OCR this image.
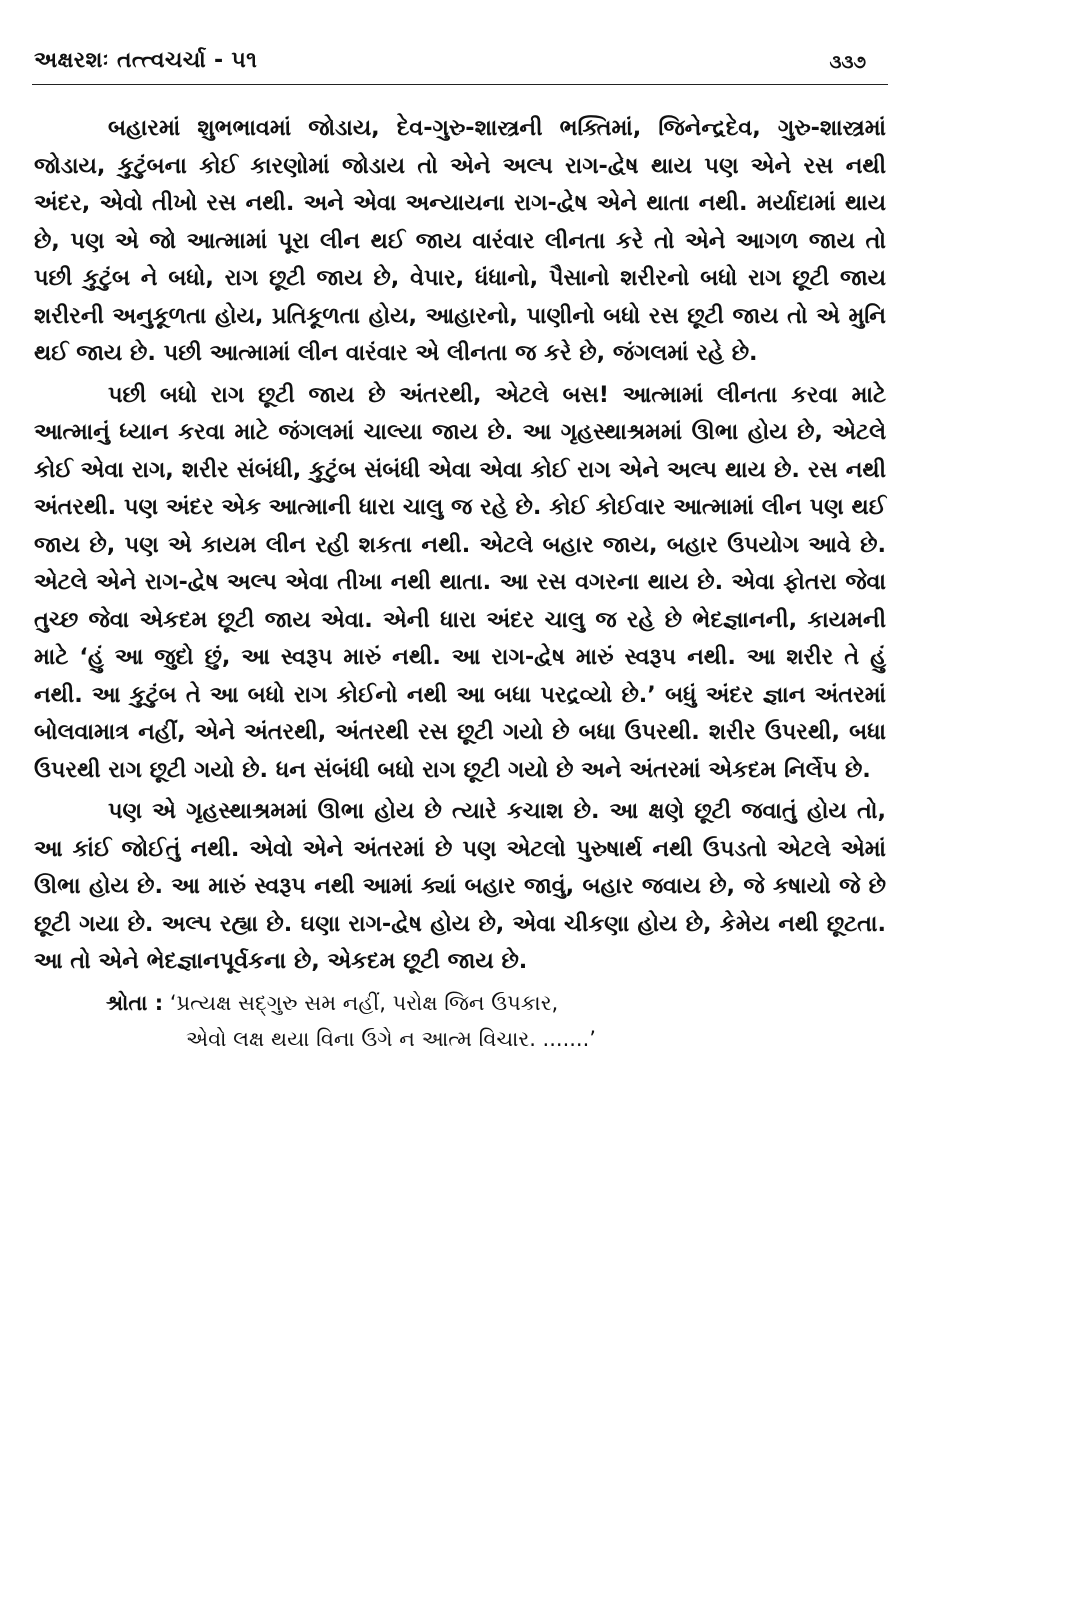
અક્ષરશઃ તત્ત્વચર્ચા - ૫૧	૩૩૭

બહારમાં શુભભાવમાં જોડાય, દેવ-ગુરુ-શાસ્ત્રની ભક્તિમાં, જિનેન્દ્રદેવ, ગુરુ-શાસ્ત્રમાં જોડાય, કુટુંબના કોઈ કારણોમાં જોડાય તો એને અલ્પ રાગ-દ્વેષ થાય પણ એને રસ નથી અંદર, એવો તીખો રસ નથી. અને એવા અન્યાયના રાગ-દ્વેષ એને થાતા નથી. મર્યાદામાં થાય છે, પણ એ જો આત્મામાં પૂરા લીન થઈ જાય વારંવાર લીનતા કરે તો એને આગળ જાય તો પછી કુટુંબ ને બધો, રાગ છૂટી જાય છે, વેપાર, ધંધાનો, પૈસાનો શરીરનો બધો રાગ છૂટી જાય શરીરની અનુકૂળતા હોય, પ્રતિકૂળતા હોય, આહારનો, પાણીનો બધો રસ છૂટી જાય તો એ મુનિ થઈ જાય છે. પછી આત્મામાં લીન વારંવાર એ લીનતા જ કરે છે, જંગલમાં રહે છે.

પછી બધો રાગ છૂટી જાય છે અંતરથી, એટલે બસ! આત્મામાં લીનતા કરવા માટે આત્માનું ધ્યાન કરવા માટે જંગલમાં ચાલ્યા જાય છે. આ ગૃહસ્થાશ્રમમાં ઊભા હોય છે, એટલે કોઈ એવા રાગ, શરીર સંબંધી, કુટુંબ સંબંધી એવા એવા કોઈ રાગ એને અલ્પ થાય છે. રસ નથી અંતરથી. પણ અંદર એક આત્માની ધારા ચાલુ જ રહે છે. કોઈ કોઈવાર આત્મામાં લીન પણ થઈ જાય છે, પણ એ કાયમ લીન રહી શકતા નથી. એટલે બહાર જાય, બહાર ઉપયોગ આવે છે. એટલે એને રાગ-દ્વેષ અલ્પ એવા તીખા નથી થાતા. આ રસ વગરના થાય છે. એવા ફોતરા જેવા તુચ્છ જેવા એકદમ છૂટી જાય એવા. એની ધારા અંદર ચાલુ જ રહે છે ભેદજ્ઞાનની, કાયમની માટે ‘હું આ જુદો છું, આ સ્વરૂપ મારું નથી. આ રાગ-દ્વેષ મારું સ્વરૂપ નથી. આ શરીર તે હું નથી. આ કુટુંબ તે આ બધો રાગ કોઈનો નથી આ બધા પરદ્રવ્યો છે.’ બધું અંદર જ્ઞાન અંતરમાં બોલવામાત્ર નહીં, એને અંતરથી, અંતરથી રસ છૂટી ગયો છે બધા ઉપરથી. શરીર ઉપરથી, બધા ઉપરથી રાગ છૂટી ગયો છે. ધન સંબંધી બધો રાગ છૂટી ગયો છે અને અંતરમાં એકદમ નિર્લેપ છે.

પણ એ ગૃહસ્થાશ્રમમાં ઊભા હોય છે ત્યારે કચાશ છે. આ ક્ષણે છૂટી જવાતું હોય તો, આ કાંઈ જોઈતું નથી. એવો એને અંતરમાં છે પણ એટલો પુરુષાર્થ નથી ઉપડતો એટલે એમાં ઊભા હોય છે. આ મારું સ્વરૂપ નથી આમાં ક્યાં બહાર જાવું, બહાર જવાય છે, જે કષાયો જે છે છૂટી ગયા છે. અલ્પ રહ્યા છે. ઘણા રાગ-દ્વેષ હોય છે, એવા ચીકણા હોય છે, કેમેય નથી છૂટતા. આ તો એને ભેદજ્ઞાનપૂર્વકના છે, એકદમ છૂટી જાય છે.

શ્રોતા : ‘પ્રત્યક્ષ સદ્‌ગુરુ સમ નહીં, પરોક્ષ જિન ઉપકાર,
એવો લક્ષ થયા વિના ઉગે ન આત્મ વિચાર. .......’
